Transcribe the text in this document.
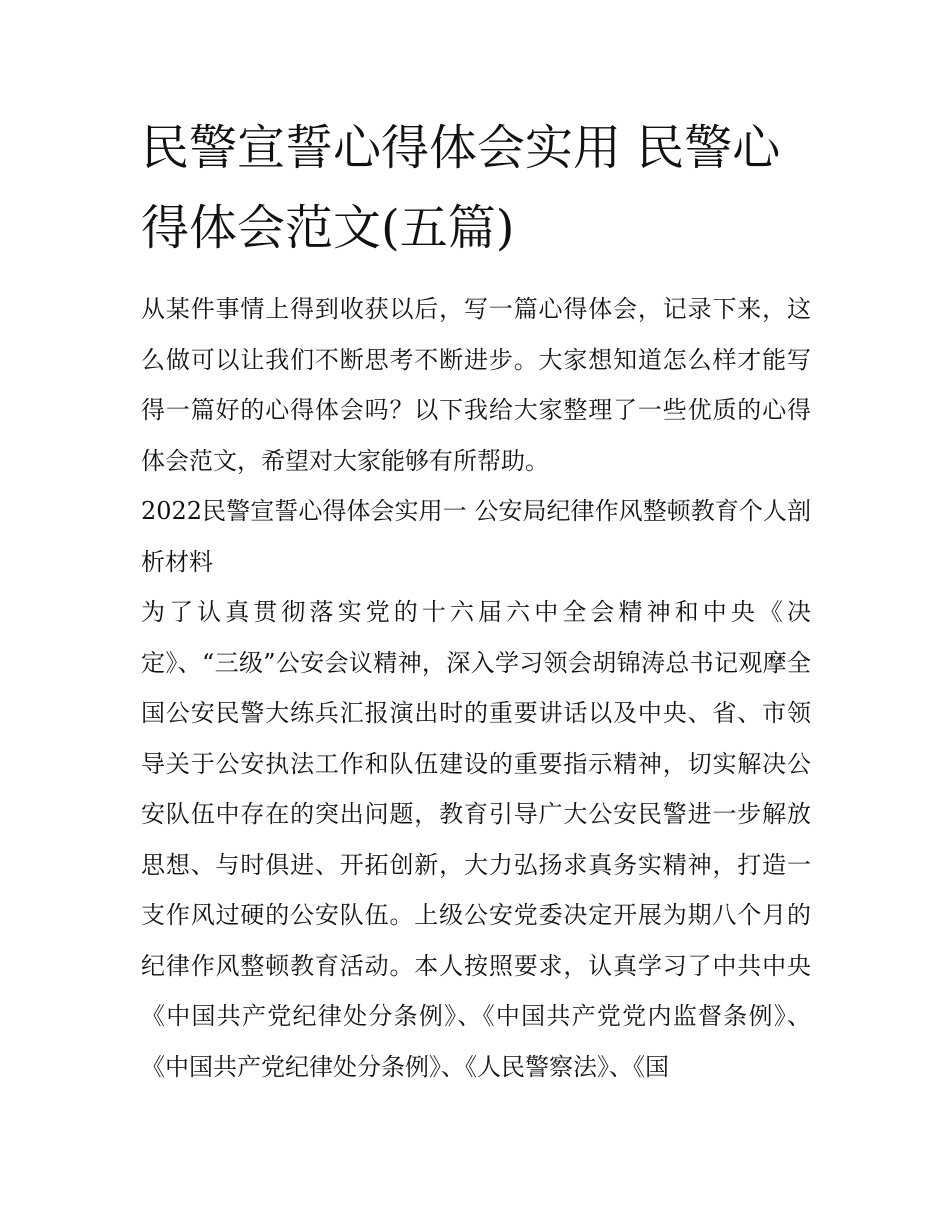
民警宣誓心得体会实用 民警心得体会范文(五篇)

从某件事情上得到收获以后，写一篇心得体会，记录下来，这么做可以让我们不断思考不断进步。大家想知道怎么样才能写得一篇好的心得体会吗？以下我给大家整理了一些优质的心得体会范文，希望对大家能够有所帮助。

2022民警宣誓心得体会实用一 公安局纪律作风整顿教育个人剖析材料

为了认真贯彻落实党的十六届六中全会精神和中央《决定》、“三级”公安会议精神，深入学习领会胡锦涛总书记观摩全国公安民警大练兵汇报演出时的重要讲话以及中央、省、市领导关于公安执法工作和队伍建设的重要指示精神，切实解决公安队伍中存在的突出问题，教育引导广大公安民警进一步解放思想、与时俱进、开拓创新，大力弘扬求真务实精神，打造一支作风过硬的公安队伍。上级公安党委决定开展为期八个月的纪律作风整顿教育活动。本人按照要求，认真学习了中共中央《中国共产党纪律处分条例》、《中国共产党党内监督条例》、《中国共产党纪律处分条例》、《人民警察法》、《国
